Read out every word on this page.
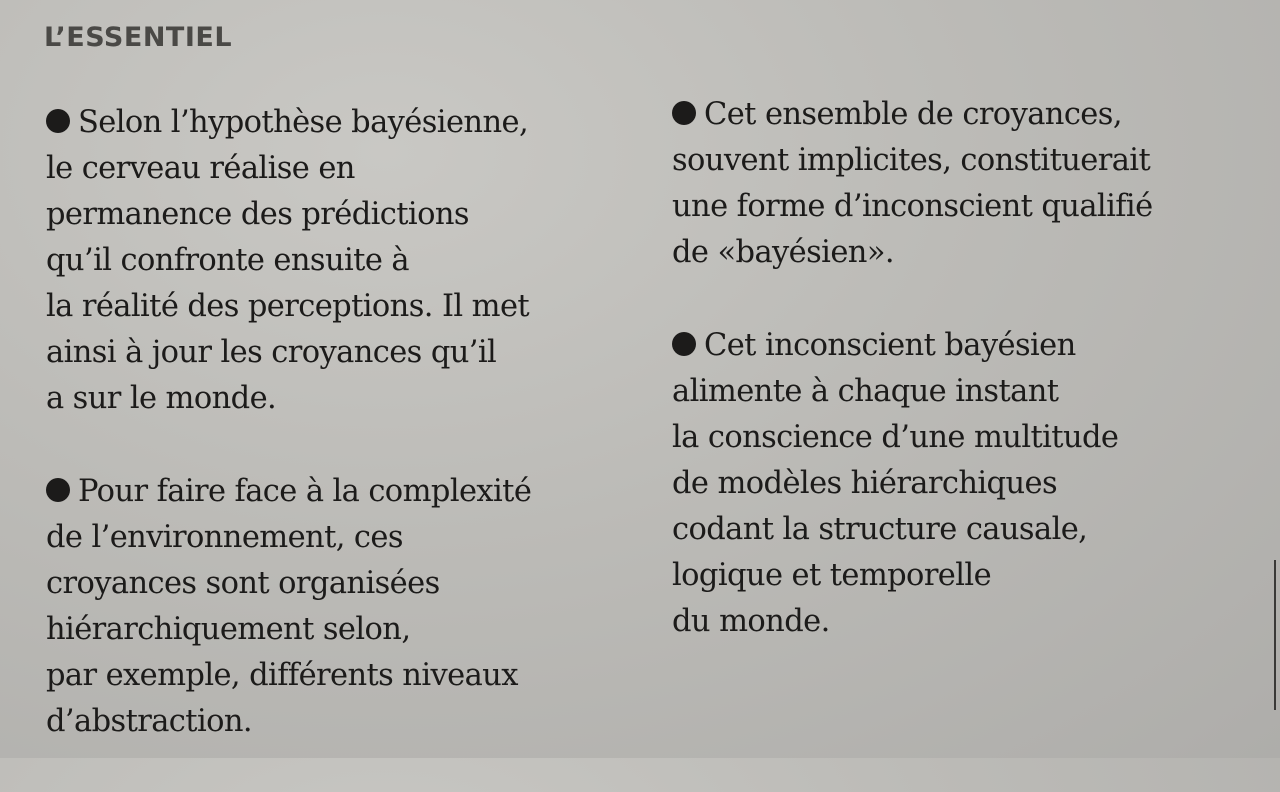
L’ESSENTIEL

Selon l’hypothèse bayésienne,
le cerveau réalise en
permanence des prédictions
qu’il confronte ensuite à
la réalité des perceptions. Il met
ainsi à jour les croyances qu’il
a sur le monde.

Pour faire face à la complexité
de l’environnement, ces
croyances sont organisées
hiérarchiquement selon,
par exemple, différents niveaux
d’abstraction.

Cet ensemble de croyances,
souvent implicites, constituerait
une forme d’inconscient qualifié
de «bayésien».

Cet inconscient bayésien
alimente à chaque instant
la conscience d’une multitude
de modèles hiérarchiques
codant la structure causale,
logique et temporelle
du monde.
